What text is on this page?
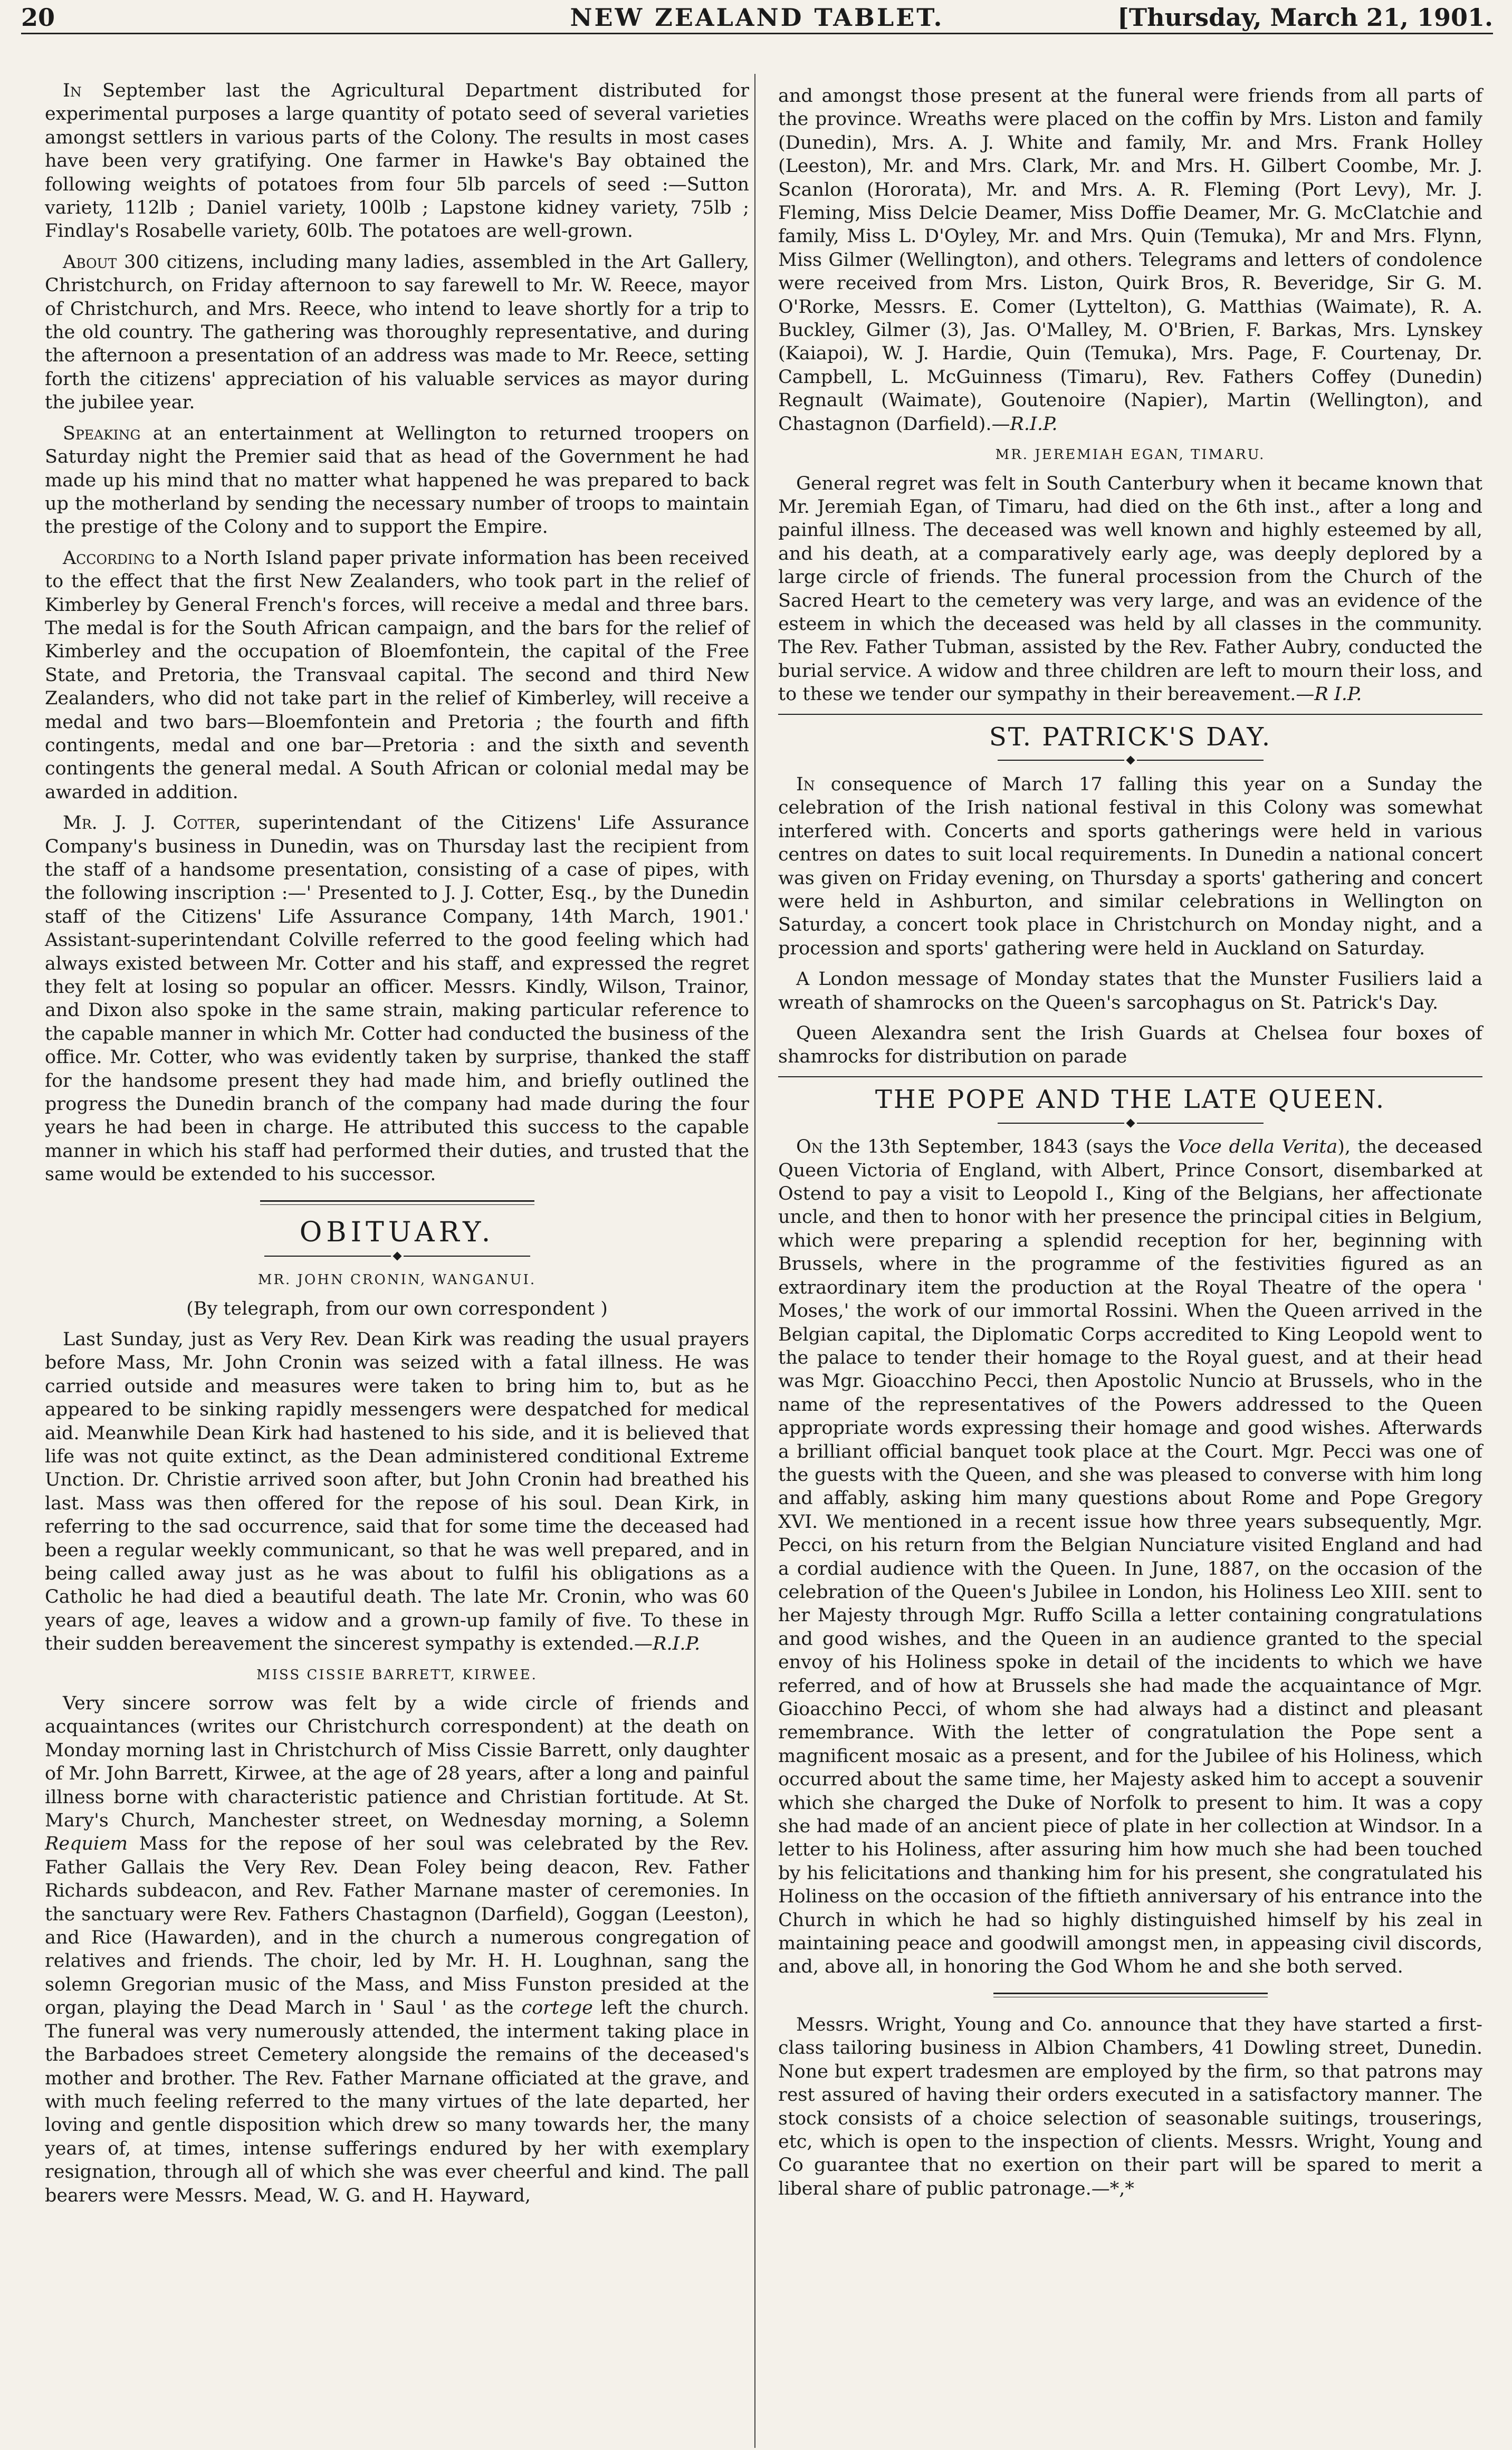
20	NEW ZEALAND TABLET.	[Thursday, March 21, 1901.

In September last the Agricultural Department distributed for experimental purposes a large quantity of potato seed of several varieties amongst settlers in various parts of the Colony. The results in most cases have been very gratifying. One farmer in Hawke's Bay obtained the following weights of potatoes from four 5lb parcels of seed :—Sutton variety, 112lb ; Daniel variety, 100lb ; Lapstone kidney variety, 75lb ; Findlay's Rosabelle variety, 60lb. The potatoes are well-grown.

About 300 citizens, including many ladies, assembled in the Art Gallery, Christchurch, on Friday afternoon to say farewell to Mr. W. Reece, mayor of Christchurch, and Mrs. Reece, who intend to leave shortly for a trip to the old country. The gathering was thoroughly representative, and during the afternoon a presentation of an address was made to Mr. Reece, setting forth the citizens' appreciation of his valuable services as mayor during the jubilee year.

Speaking at an entertainment at Wellington to returned troopers on Saturday night the Premier said that as head of the Government he had made up his mind that no matter what happened he was prepared to back up the motherland by sending the necessary number of troops to maintain the prestige of the Colony and to support the Empire.

According to a North Island paper private information has been received to the effect that the first New Zealanders, who took part in the relief of Kimberley by General French's forces, will receive a medal and three bars. The medal is for the South African campaign, and the bars for the relief of Kimberley and the occupation of Bloemfontein, the capital of the Free State, and Pretoria, the Transvaal capital. The second and third New Zealanders, who did not take part in the relief of Kimberley, will receive a medal and two bars—Bloemfontein and Pretoria ; the fourth and fifth contingents, medal and one bar—Pretoria : and the sixth and seventh contingents the general medal. A South African or colonial medal may be awarded in addition.

Mr. J. J. Cotter, superintendant of the Citizens' Life Assurance Company's business in Dunedin, was on Thursday last the recipient from the staff of a handsome presentation, consisting of a case of pipes, with the following inscription :—' Presented to J. J. Cotter, Esq., by the Dunedin staff of the Citizens' Life Assurance Company, 14th March, 1901.' Assistant-superintendant Colville referred to the good feeling which had always existed between Mr. Cotter and his staff, and expressed the regret they felt at losing so popular an officer. Messrs. Kindly, Wilson, Trainor, and Dixon also spoke in the same strain, making particular reference to the capable manner in which Mr. Cotter had conducted the business of the office. Mr. Cotter, who was evidently taken by surprise, thanked the staff for the handsome present they had made him, and briefly outlined the progress the Dunedin branch of the company had made during the four years he had been in charge. He attributed this success to the capable manner in which his staff had performed their duties, and trusted that the same would be extended to his successor.

OBITUARY.
MR. JOHN CRONIN, WANGANUI.

(By telegraph, from our own correspondent )

Last Sunday, just as Very Rev. Dean Kirk was reading the usual prayers before Mass, Mr. John Cronin was seized with a fatal illness. He was carried outside and measures were taken to bring him to, but as he appeared to be sinking rapidly messengers were despatched for medical aid. Meanwhile Dean Kirk had hastened to his side, and it is believed that life was not quite extinct, as the Dean administered conditional Extreme Unction. Dr. Christie arrived soon after, but John Cronin had breathed his last. Mass was then offered for the repose of his soul. Dean Kirk, in referring to the sad occurrence, said that for some time the deceased had been a regular weekly communicant, so that he was well prepared, and in being called away just as he was about to fulfil his obligations as a Catholic he had died a beautiful death. The late Mr. Cronin, who was 60 years of age, leaves a widow and a grown-up family of five. To these in their sudden bereavement the sincerest sympathy is extended.—R.I.P.

MISS CISSIE BARRETT, KIRWEE.

Very sincere sorrow was felt by a wide circle of friends and acquaintances (writes our Christchurch correspondent) at the death on Monday morning last in Christchurch of Miss Cissie Barrett, only daughter of Mr. John Barrett, Kirwee, at the age of 28 years, after a long and painful illness borne with characteristic patience and Christian fortitude. At St. Mary's Church, Manchester street, on Wednesday morning, a Solemn Requiem Mass for the repose of her soul was celebrated by the Rev. Father Gallais the Very Rev. Dean Foley being deacon, Rev. Father Richards subdeacon, and Rev. Father Marnane master of ceremonies. In the sanctuary were Rev. Fathers Chastagnon (Darfield), Goggan (Leeston), and Rice (Hawarden), and in the church a numerous congregation of relatives and friends. The choir, led by Mr. H. H. Loughnan, sang the solemn Gregorian music of the Mass, and Miss Funston presided at the organ, playing the Dead March in ' Saul ' as the cortege left the church. The funeral was very numerously attended, the interment taking place in the Barbadoes street Cemetery alongside the remains of the deceased's mother and brother. The Rev. Father Marnane officiated at the grave, and with much feeling referred to the many virtues of the late departed, her loving and gentle disposition which drew so many towards her, the many years of, at times, intense sufferings endured by her with exemplary resignation, through all of which she was ever cheerful and kind. The pall bearers were Messrs. Mead, W. G. and H. Hayward,

and amongst those present at the funeral were friends from all parts of the province. Wreaths were placed on the coffin by Mrs. Liston and family (Dunedin), Mrs. A. J. White and family, Mr. and Mrs. Frank Holley (Leeston), Mr. and Mrs. Clark, Mr. and Mrs. H. Gilbert Coombe, Mr. J. Scanlon (Hororata), Mr. and Mrs. A. R. Fleming (Port Levy), Mr. J. Fleming, Miss Delcie Deamer, Miss Doffie Deamer, Mr. G. McClatchie and family, Miss L. D'Oyley, Mr. and Mrs. Quin (Temuka), Mr and Mrs. Flynn, Miss Gilmer (Wellington), and others. Telegrams and letters of condolence were received from Mrs. Liston, Quirk Bros, R. Beveridge, Sir G. M. O'Rorke, Messrs. E. Comer (Lyttelton), G. Matthias (Waimate), R. A. Buckley, Gilmer (3), Jas. O'Malley, M. O'Brien, F. Barkas, Mrs. Lynskey (Kaiapoi), W. J. Hardie, Quin (Temuka), Mrs. Page, F. Courtenay, Dr. Campbell, L. McGuinness (Timaru), Rev. Fathers Coffey (Dunedin) Regnault (Waimate), Goutenoire (Napier), Martin (Wellington), and Chastagnon (Darfield).—R.I.P.

MR. JEREMIAH EGAN, TIMARU.

General regret was felt in South Canterbury when it became known that Mr. Jeremiah Egan, of Timaru, had died on the 6th inst., after a long and painful illness. The deceased was well known and highly esteemed by all, and his death, at a comparatively early age, was deeply deplored by a large circle of friends. The funeral procession from the Church of the Sacred Heart to the cemetery was very large, and was an evidence of the esteem in which the deceased was held by all classes in the community. The Rev. Father Tubman, assisted by the Rev. Father Aubry, conducted the burial service. A widow and three children are left to mourn their loss, and to these we tender our sympathy in their bereavement.—R I.P.

ST. PATRICK'S DAY.

In consequence of March 17 falling this year on a Sunday the celebration of the Irish national festival in this Colony was somewhat interfered with. Concerts and sports gatherings were held in various centres on dates to suit local requirements. In Dunedin a national concert was given on Friday evening, on Thursday a sports' gathering and concert were held in Ashburton, and similar celebrations in Wellington on Saturday, a concert took place in Christchurch on Monday night, and a procession and sports' gathering were held in Auckland on Saturday.

A London message of Monday states that the Munster Fusiliers laid a wreath of shamrocks on the Queen's sarcophagus on St. Patrick's Day.

Queen Alexandra sent the Irish Guards at Chelsea four boxes of shamrocks for distribution on parade

THE POPE AND THE LATE QUEEN.

On the 13th September, 1843 (says the Voce della Verita), the deceased Queen Victoria of England, with Albert, Prince Consort, disembarked at Ostend to pay a visit to Leopold I., King of the Belgians, her affectionate uncle, and then to honor with her presence the principal cities in Belgium, which were preparing a splendid reception for her, beginning with Brussels, where in the programme of the festivities figured as an extraordinary item the production at the Royal Theatre of the opera ' Moses,' the work of our immortal Rossini. When the Queen arrived in the Belgian capital, the Diplomatic Corps accredited to King Leopold went to the palace to tender their homage to the Royal guest, and at their head was Mgr. Gioacchino Pecci, then Apostolic Nuncio at Brussels, who in the name of the representatives of the Powers addressed to the Queen appropriate words expressing their homage and good wishes. Afterwards a brilliant official banquet took place at the Court. Mgr. Pecci was one of the guests with the Queen, and she was pleased to converse with him long and affably, asking him many questions about Rome and Pope Gregory XVI. We mentioned in a recent issue how three years subsequently, Mgr. Pecci, on his return from the Belgian Nunciature visited England and had a cordial audience with the Queen. In June, 1887, on the occasion of the celebration of the Queen's Jubilee in London, his Holiness Leo XIII. sent to her Majesty through Mgr. Ruffo Scilla a letter containing congratulations and good wishes, and the Queen in an audience granted to the special envoy of his Holiness spoke in detail of the incidents to which we have referred, and of how at Brussels she had made the acquaintance of Mgr. Gioacchino Pecci, of whom she had always had a distinct and pleasant remembrance. With the letter of congratulation the Pope sent a magnificent mosaic as a present, and for the Jubilee of his Holiness, which occurred about the same time, her Majesty asked him to accept a souvenir which she charged the Duke of Norfolk to present to him. It was a copy she had made of an ancient piece of plate in her collection at Windsor. In a letter to his Holiness, after assuring him how much she had been touched by his felicitations and thanking him for his present, she congratulated his Holiness on the occasion of the fiftieth anniversary of his entrance into the Church in which he had so highly distinguished himself by his zeal in maintaining peace and goodwill amongst men, in appeasing civil discords, and, above all, in honoring the God Whom he and she both served.

Messrs. Wright, Young and Co. announce that they have started a first-class tailoring business in Albion Chambers, 41 Dowling street, Dunedin. None but expert tradesmen are employed by the firm, so that patrons may rest assured of having their orders executed in a satisfactory manner. The stock consists of a choice selection of seasonable suitings, trouserings, etc, which is open to the inspection of clients. Messrs. Wright, Young and Co guarantee that no exertion on their part will be spared to merit a liberal share of public patronage.—*,*
